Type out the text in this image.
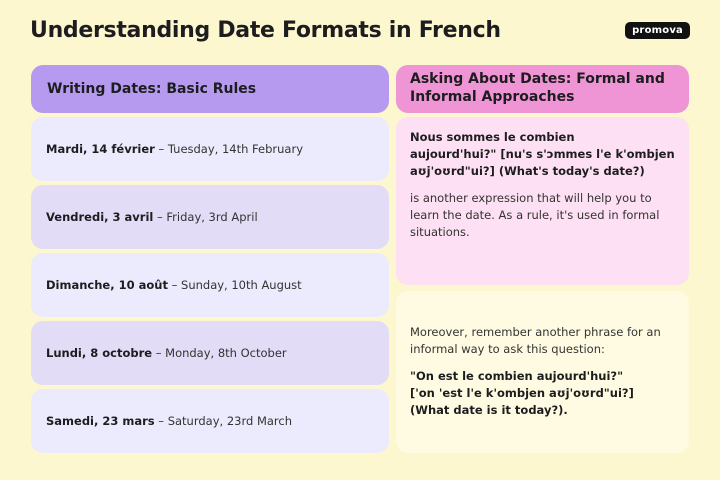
Understanding Date Formats in French	promova
Writing Dates: Basic Rules
Mardi, 14 février – Tuesday, 14th February
Vendredi, 3 avril – Friday, 3rd April
Dimanche, 10 août – Sunday, 10th August
Lundi, 8 octobre – Monday, 8th October
Samedi, 23 mars – Saturday, 23rd March
Asking About Dates: Formal and
Informal Approaches
Nous sommes le combien
aujourd'hui?" [nu's s'ɔmmes l'e k'ombjen
aʊj'oʊrd"ui?] (What's today's date?)
is another expression that will help you to
learn the date. As a rule, it's used in formal
situations.
Moreover, remember another phrase for an
informal way to ask this question:
"On est le combien aujourd'hui?"
['on 'est l'e k'ombjen aʊj'oʊrd"ui?]
(What date is it today?).
